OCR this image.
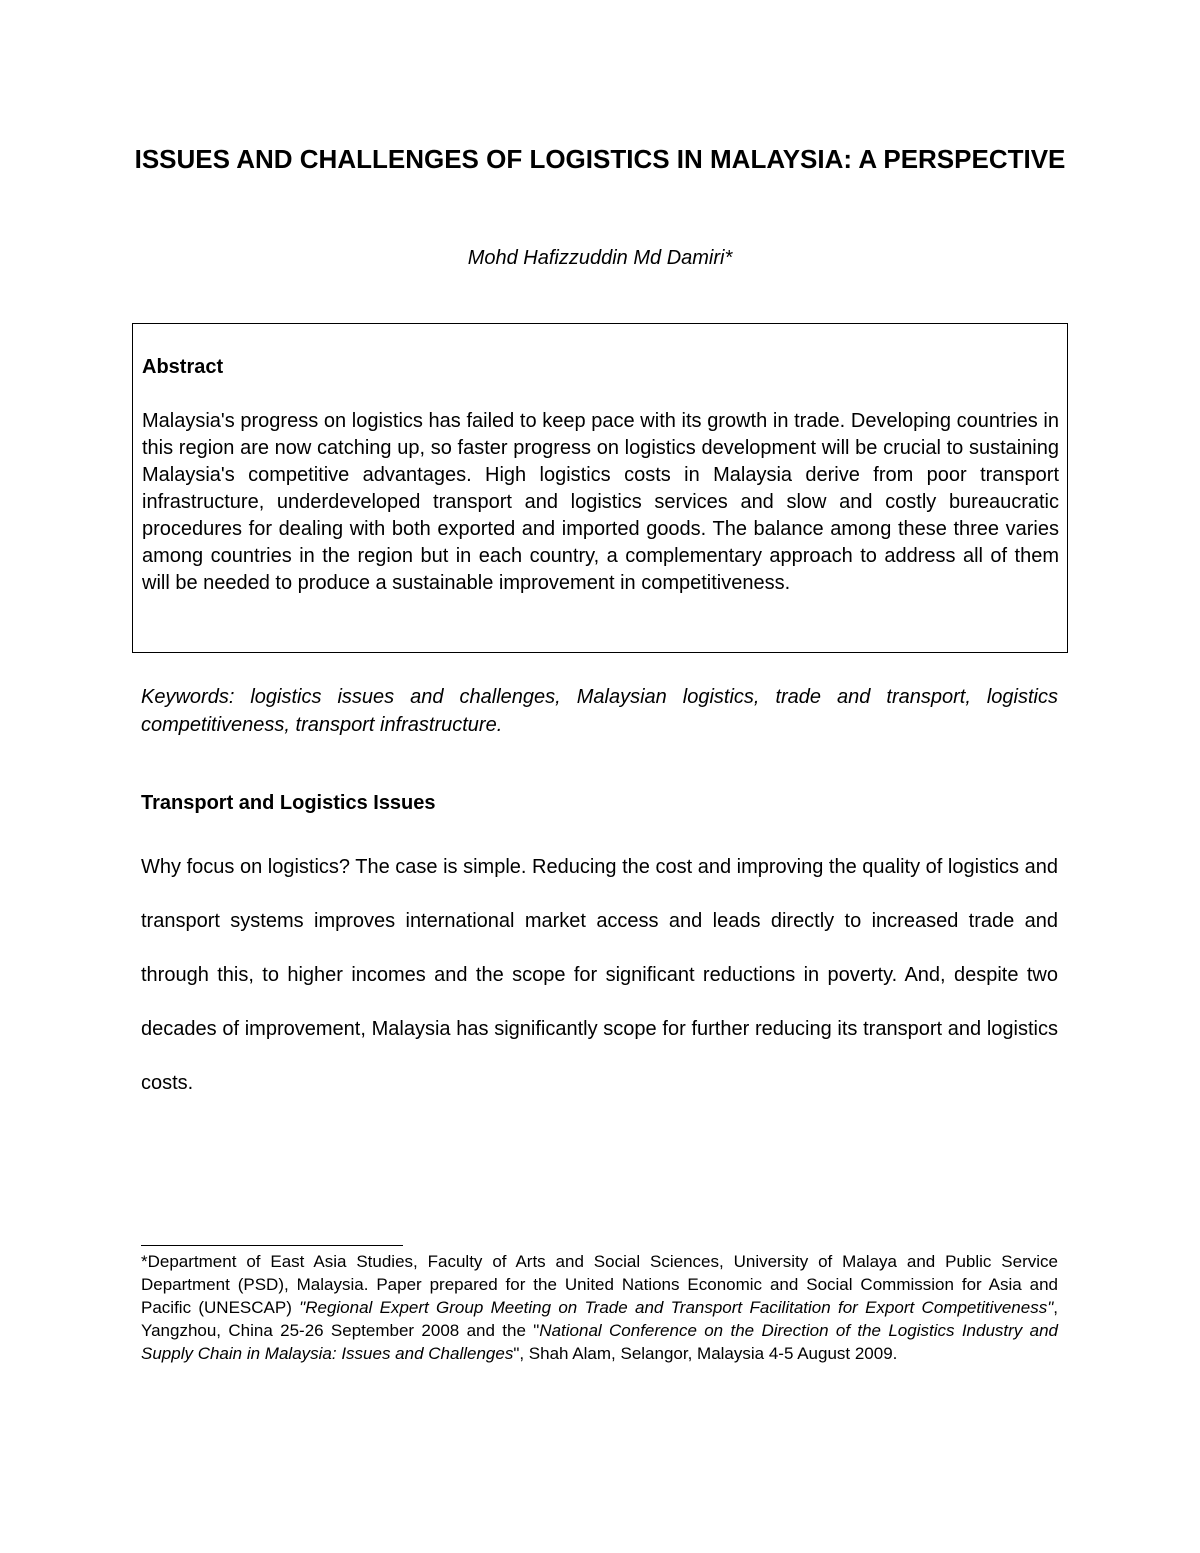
ISSUES AND CHALLENGES OF LOGISTICS IN MALAYSIA: A PERSPECTIVE
Mohd Hafizzuddin Md Damiri*
Abstract
Malaysia's progress on logistics has failed to keep pace with its growth in trade. Developing countries in this region are now catching up, so faster progress on logistics development will be crucial to sustaining Malaysia's competitive advantages. High logistics costs in Malaysia derive from poor transport infrastructure, underdeveloped transport and logistics services and slow and costly bureaucratic procedures for dealing with both exported and imported goods. The balance among these three varies among countries in the region but in each country, a complementary approach to address all of them will be needed to produce a sustainable improvement in competitiveness.
Keywords: logistics issues and challenges, Malaysian logistics, trade and transport, logistics competitiveness, transport infrastructure.
Transport and Logistics Issues
Why focus on logistics? The case is simple. Reducing the cost and improving the quality of logistics and transport systems improves international market access and leads directly to increased trade and through this, to higher incomes and the scope for significant reductions in poverty. And, despite two decades of improvement, Malaysia has significantly scope for further reducing its transport and logistics costs.
*Department of East Asia Studies, Faculty of Arts and Social Sciences, University of Malaya and Public Service Department (PSD), Malaysia. Paper prepared for the United Nations Economic and Social Commission for Asia and Pacific (UNESCAP) "Regional Expert Group Meeting on Trade and Transport Facilitation for Export Competitiveness", Yangzhou, China 25-26 September 2008 and the "National Conference on the Direction of the Logistics Industry and Supply Chain in Malaysia: Issues and Challenges", Shah Alam, Selangor, Malaysia 4-5 August 2009.
